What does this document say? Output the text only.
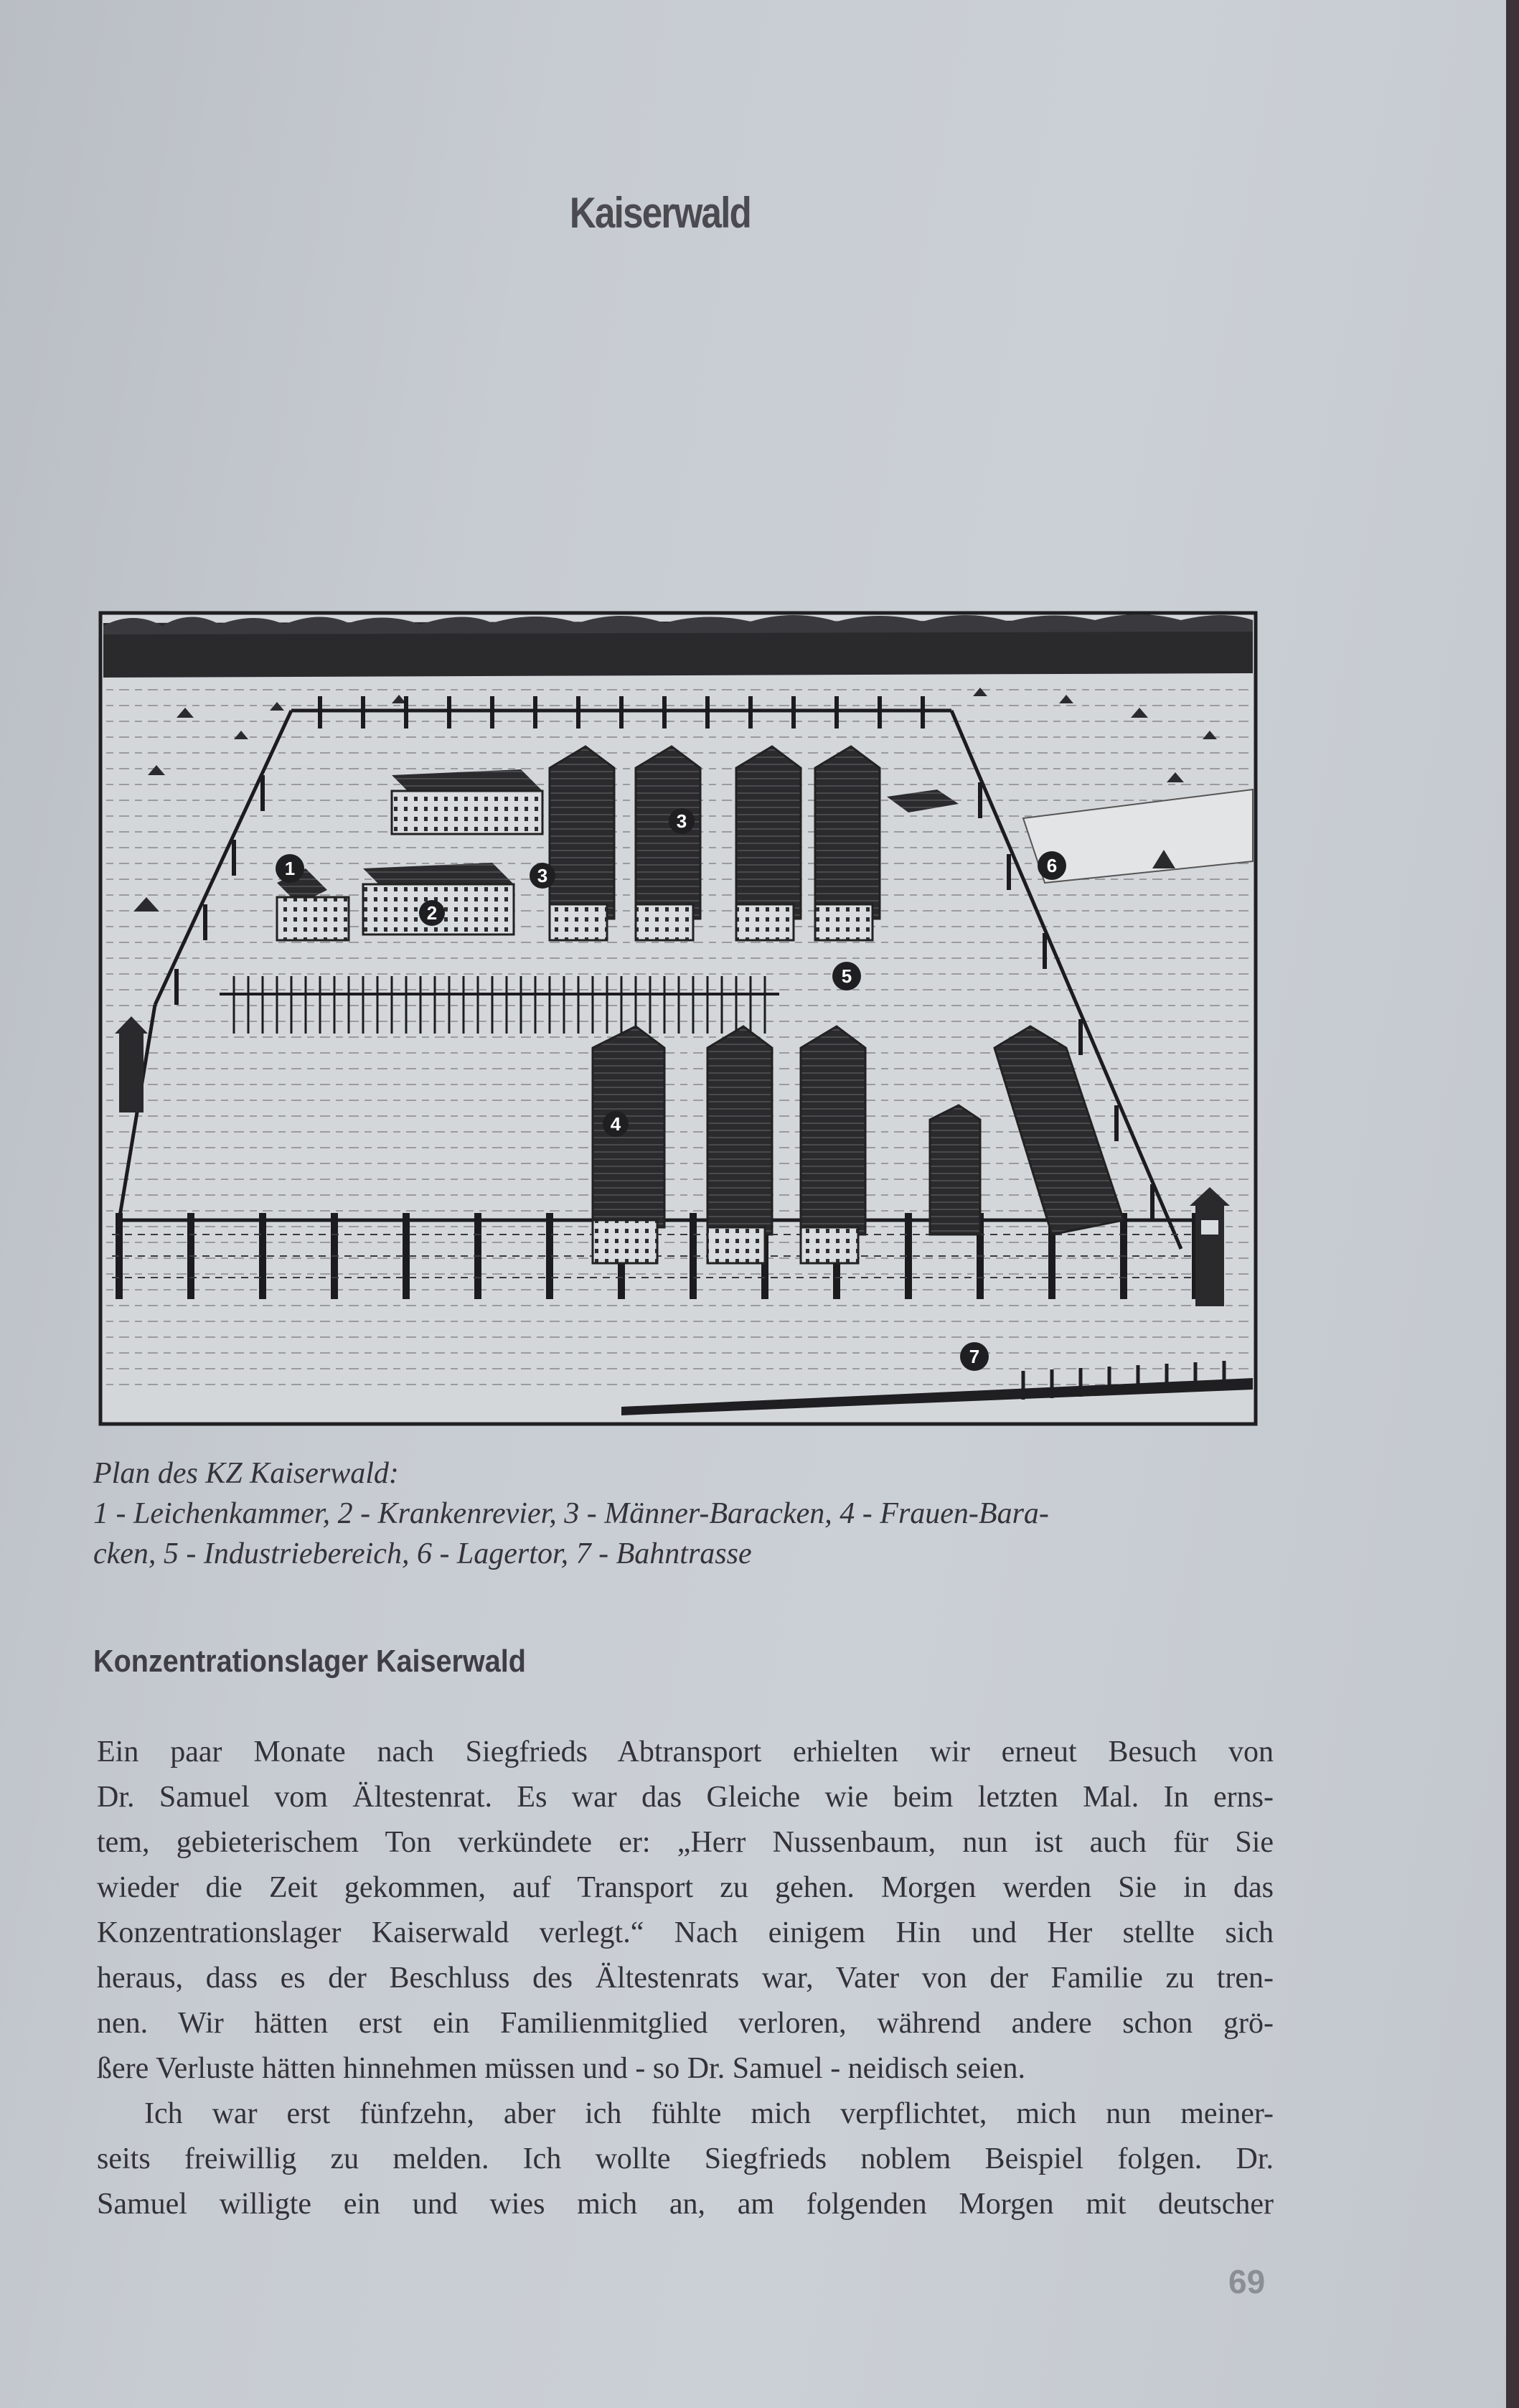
Kaiserwald
1
2
3
3
4
5
6
7
Plan des KZ Kaiserwald:
1 - Leichenkammer, 2 - Krankenrevier, 3 - Männer-Baracken, 4 - Frauen-Bara-
cken, 5 - Industriebereich, 6 - Lagertor, 7 - Bahntrasse
Konzentrationslager Kaiserwald
Ein paar Monate nach Siegfrieds Abtransport erhielten wir erneut Besuch von
Dr. Samuel vom Ältestenrat. Es war das Gleiche wie beim letzten Mal. In erns-
tem, gebieterischem Ton verkündete er: „Herr Nussenbaum, nun ist auch für Sie
wieder die Zeit gekommen, auf Transport zu gehen. Morgen werden Sie in das
Konzentrationslager Kaiserwald verlegt.“ Nach einigem Hin und Her stellte sich
heraus, dass es der Beschluss des Ältestenrats war, Vater von der Familie zu tren-
nen. Wir hätten erst ein Familienmitglied verloren, während andere schon grö-
ßere Verluste hätten hinnehmen müssen und - so Dr. Samuel - neidisch seien.
Ich war erst fünfzehn, aber ich fühlte mich verpflichtet, mich nun meiner-
seits freiwillig zu melden. Ich wollte Siegfrieds noblem Beispiel folgen. Dr.
Samuel willigte ein und wies mich an, am folgenden Morgen mit deutscher
69
